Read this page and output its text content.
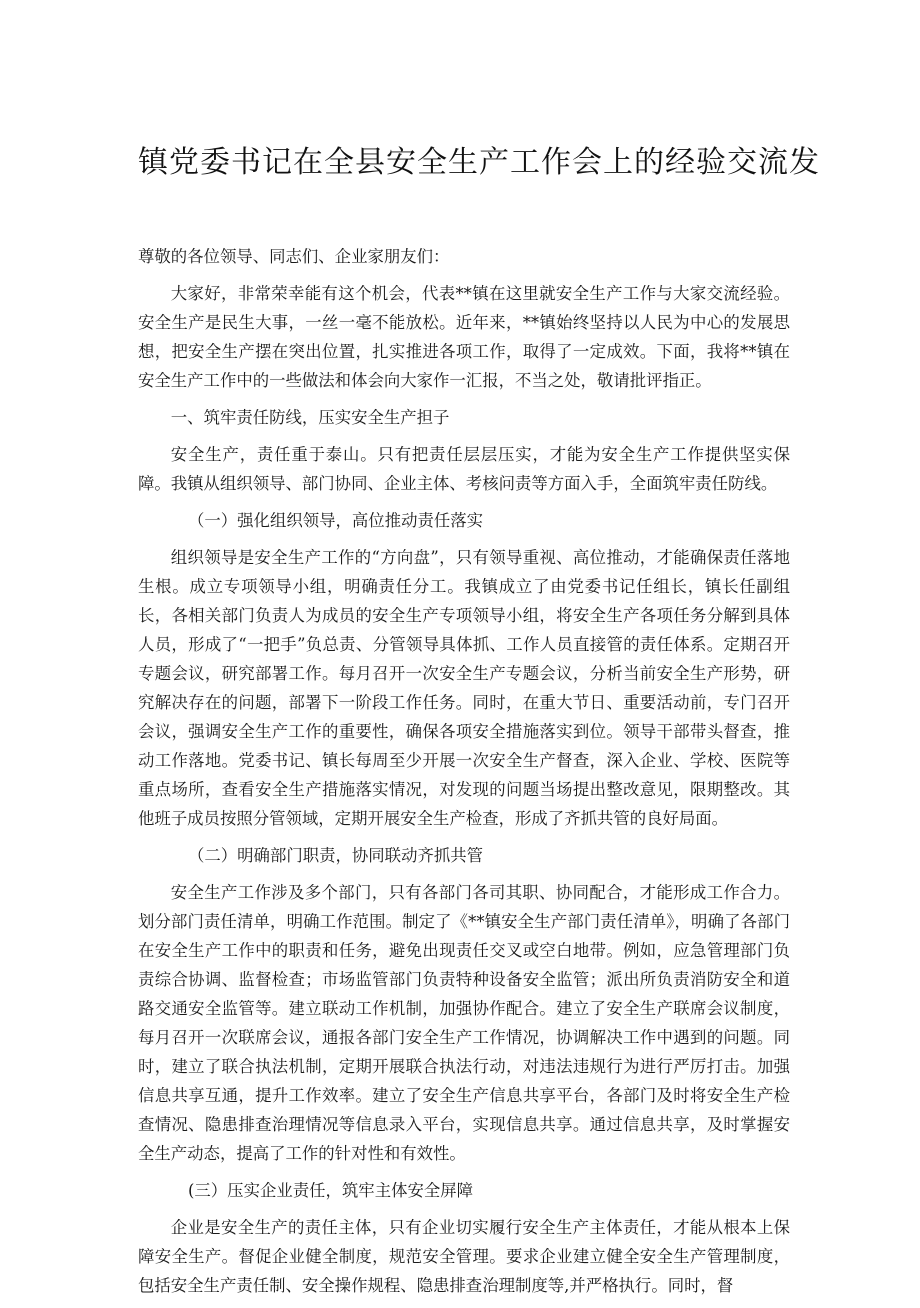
镇党委书记在全县安全生产工作会上的经验交流发

尊敬的各位领导、同志们、企业家朋友们：

大家好，非常荣幸能有这个机会，代表**镇在这里就安全生产工作与大家交流经验。安全生产是民生大事，一丝一毫不能放松。近年来，**镇始终坚持以人民为中心的发展思想，把安全生产摆在突出位置，扎实推进各项工作，取得了一定成效。下面，我将**镇在安全生产工作中的一些做法和体会向大家作一汇报，不当之处，敬请批评指正。

一、筑牢责任防线，压实安全生产担子

安全生产，责任重于泰山。只有把责任层层压实，才能为安全生产工作提供坚实保障。我镇从组织领导、部门协同、企业主体、考核问责等方面入手，全面筑牢责任防线。

（一）强化组织领导，高位推动责任落实

组织领导是安全生产工作的“方向盘”，只有领导重视、高位推动，才能确保责任落地生根。成立专项领导小组，明确责任分工。我镇成立了由党委书记任组长，镇长任副组长，各相关部门负责人为成员的安全生产专项领导小组，将安全生产各项任务分解到具体人员，形成了“一把手”负总责、分管领导具体抓、工作人员直接管的责任体系。定期召开专题会议，研究部署工作。每月召开一次安全生产专题会议，分析当前安全生产形势，研究解决存在的问题，部署下一阶段工作任务。同时，在重大节日、重要活动前，专门召开会议，强调安全生产工作的重要性，确保各项安全措施落实到位。领导干部带头督查，推动工作落地。党委书记、镇长每周至少开展一次安全生产督查，深入企业、学校、医院等重点场所，查看安全生产措施落实情况，对发现的问题当场提出整改意见，限期整改。其他班子成员按照分管领域，定期开展安全生产检查，形成了齐抓共管的良好局面。

（二）明确部门职责，协同联动齐抓共管

安全生产工作涉及多个部门，只有各部门各司其职、协同配合，才能形成工作合力。划分部门责任清单，明确工作范围。制定了《**镇安全生产部门责任清单》，明确了各部门在安全生产工作中的职责和任务，避免出现责任交叉或空白地带。例如，应急管理部门负责综合协调、监督检查；市场监管部门负责特种设备安全监管；派出所负责消防安全和道路交通安全监管等。建立联动工作机制，加强协作配合。建立了安全生产联席会议制度，每月召开一次联席会议，通报各部门安全生产工作情况，协调解决工作中遇到的问题。同时，建立了联合执法机制，定期开展联合执法行动，对违法违规行为进行严厉打击。加强信息共享互通，提升工作效率。建立了安全生产信息共享平台，各部门及时将安全生产检查情况、隐患排查治理情况等信息录入平台，实现信息共享。通过信息共享，及时掌握安全生产动态，提高了工作的针对性和有效性。

(三）压实企业责任，筑牢主体安全屏障

企业是安全生产的责任主体，只有企业切实履行安全生产主体责任，才能从根本上保障安全生产。督促企业健全制度，规范安全管理。要求企业建立健全安全生产管理制度，包括安全生产责任制、安全操作规程、隐患排查治理制度等,并严格执行。同时，督
